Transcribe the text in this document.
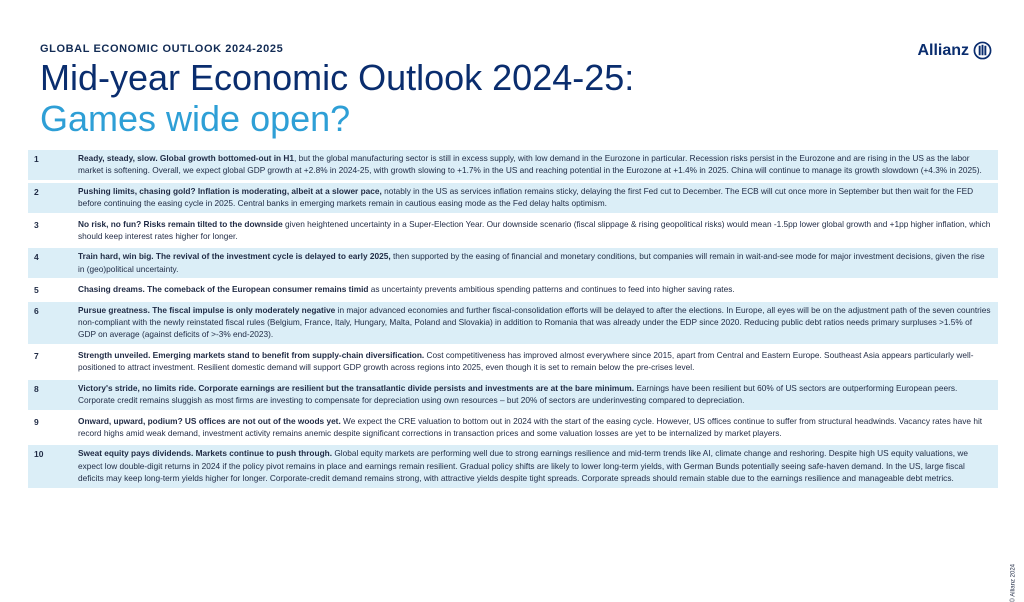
GLOBAL ECONOMIC OUTLOOK 2024-2025	Allianz
Mid-year Economic Outlook 2024-25:
Games wide open?
1	Ready, steady, slow. Global growth bottomed-out in H1, but the global manufacturing sector is still in excess supply, with low demand in the Eurozone in particular. Recession risks persist in the Eurozone and are rising in the US as the labor market is softening. Overall, we expect global GDP growth at +2.8% in 2024-25, with growth slowing to +1.7% in the US and reaching potential in the Eurozone at +1.4% in 2025. China will continue to manage its growth slowdown (+4.3% in 2025).
2	Pushing limits, chasing gold? Inflation is moderating, albeit at a slower pace, notably in the US as services inflation remains sticky, delaying the first Fed cut to December. The ECB will cut once more in September but then wait for the FED before continuing the easing cycle in 2025. Central banks in emerging markets remain in cautious easing mode as the Fed delay halts optimism.
3	No risk, no fun? Risks remain tilted to the downside given heightened uncertainty in a Super-Election Year. Our downside scenario (fiscal slippage & rising geopolitical risks) would mean -1.5pp lower global growth and +1pp higher inflation, which should keep interest rates higher for longer.
4	Train hard, win big. The revival of the investment cycle is delayed to early 2025, then supported by the easing of financial and monetary conditions, but companies will remain in wait-and-see mode for major investment decisions, given the rise in (geo)political uncertainty.
5	Chasing dreams. The comeback of the European consumer remains timid as uncertainty prevents ambitious spending patterns and continues to feed into higher saving rates.
6	Pursue greatness. The fiscal impulse is only moderately negative in major advanced economies and further fiscal-consolidation efforts will be delayed to after the elections. In Europe, all eyes will be on the adjustment path of the seven countries non-compliant with the newly reinstated fiscal rules (Belgium, France, Italy, Hungary, Malta, Poland and Slovakia) in addition to Romania that was already under the EDP since 2020. Reducing public debt ratios needs primary surpluses >1.5% of GDP on average (against deficits of >-3% end-2023).
7	Strength unveiled. Emerging markets stand to benefit from supply-chain diversification. Cost competitiveness has improved almost everywhere since 2015, apart from Central and Eastern Europe. Southeast Asia appears particularly well-positioned to attract investment. Resilient domestic demand will support GDP growth across regions into 2025, even though it is set to remain below the pre-crises level.
8	Victory's stride, no limits ride. Corporate earnings are resilient but the transatlantic divide persists and investments are at the bare minimum. Earnings have been resilient but 60% of US sectors are outperforming European peers. Corporate credit remains sluggish as most firms are investing to compensate for depreciation using own resources – but 20% of sectors are underinvesting compared to depreciation.
9	Onward, upward, podium? US offices are not out of the woods yet. We expect the CRE valuation to bottom out in 2024 with the start of the easing cycle. However, US offices continue to suffer from structural headwinds. Vacancy rates have hit record highs amid weak demand, investment activity remains anemic despite significant corrections in transaction prices and some valuation losses are yet to be internalized by market players.
10	Sweat equity pays dividends. Markets continue to push through. Global equity markets are performing well due to strong earnings resilience and mid-term trends like AI, climate change and reshoring. Despite high US equity valuations, we expect low double-digit returns in 2024 if the policy pivot remains in place and earnings remain resilient. Gradual policy shifts are likely to lower long-term yields, with German Bunds potentially seeing safe-haven demand. In the US, large fiscal deficits may keep long-term yields higher for longer. Corporate-credit demand remains strong, with attractive yields despite tight spreads. Corporate spreads should remain stable due to the earnings resilience and manageable debt metrics.
© Allianz 2024
